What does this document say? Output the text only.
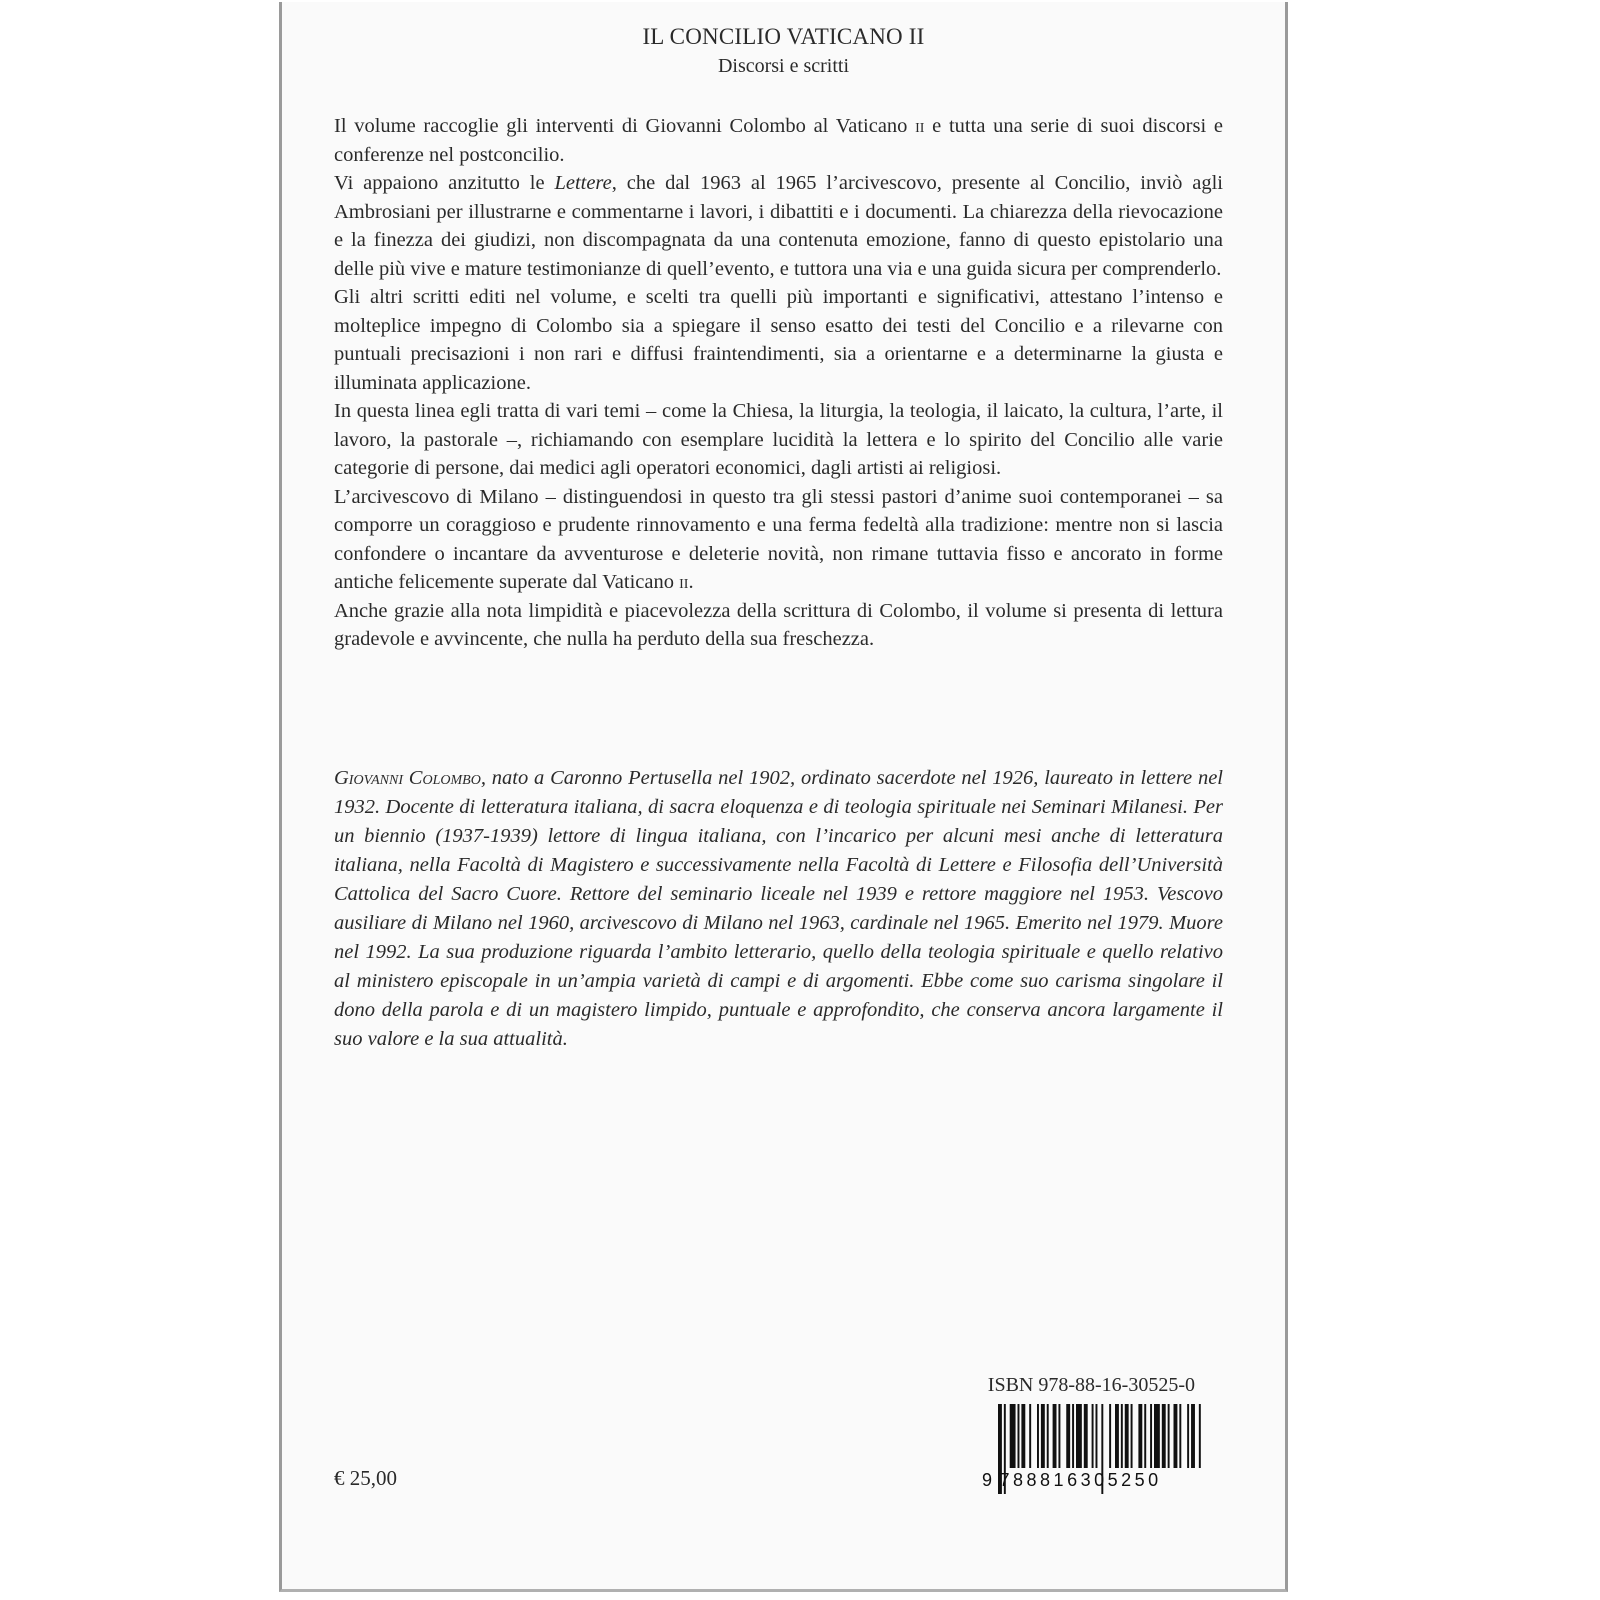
IL CONCILIO VATICANO II
Discorsi e scritti

Il volume raccoglie gli interventi di Giovanni Colombo al Vaticano ii e tutta una serie di suoi discorsi e conferenze nel postconcilio.

Vi appaiono anzitutto le Lettere, che dal 1963 al 1965 l’arcivescovo, presente al Concilio, inviò agli Ambrosiani per illustrarne e commentarne i lavori, i dibattiti e i documenti. La chiarezza della rievocazione e la finezza dei giudizi, non discompagnata da una contenuta emozione, fanno di questo epistolario una delle più vive e mature testimonianze di quell’evento, e tuttora una via e una guida sicura per comprenderlo.

Gli altri scritti editi nel volume, e scelti tra quelli più importanti e significativi, attestano l’intenso e molteplice impegno di Colombo sia a spiegare il senso esatto dei testi del Concilio e a rilevarne con puntuali precisazioni i non rari e diffusi fraintendimenti, sia a orientarne e a determinarne la giusta e illuminata applicazione.

In questa linea egli tratta di vari temi – come la Chiesa, la liturgia, la teologia, il laicato, la cultura, l’arte, il lavoro, la pastorale –, richiamando con esemplare lucidità la lettera e lo spirito del Concilio alle varie categorie di persone, dai medici agli operatori economici, dagli artisti ai religiosi.

L’arcivescovo di Milano – distinguendosi in questo tra gli stessi pastori d’anime suoi contemporanei – sa comporre un coraggioso e prudente rinnovamento e una ferma fedeltà alla tradizione: mentre non si lascia confondere o incantare da avventurose e deleterie novità, non rimane tuttavia fisso e ancorato in forme antiche felicemente superate dal Vaticano ii.

Anche grazie alla nota limpidità e piacevolezza della scrittura di Colombo, il volume si presenta di lettura gradevole e avvincente, che nulla ha perduto della sua freschezza.

Giovanni Colombo, nato a Caronno Pertusella nel 1902, ordinato sacerdote nel 1926, laureato in lettere nel 1932. Docente di letteratura italiana, di sacra eloquenza e di teologia spirituale nei Seminari Milanesi. Per un biennio (1937-1939) lettore di lingua italiana, con l’incarico per alcuni mesi anche di letteratura italiana, nella Facoltà di Magistero e successivamente nella Facoltà di Lettere e Filosofia dell’Università Cattolica del Sacro Cuore. Rettore del seminario liceale nel 1939 e rettore maggiore nel 1953. Vescovo ausiliare di Milano nel 1960, arcivescovo di Milano nel 1963, cardinale nel 1965. Emerito nel 1979. Muore nel 1992. La sua produzione riguarda l’ambito letterario, quello della teologia spirituale e quello relativo al ministero episcopale in un’ampia varietà di campi e di argomenti. Ebbe come suo carisma singolare il dono della parola e di un magistero limpido, puntuale e approfondito, che conserva ancora largamente il suo valore e la sua attualità.

€ 25,00
ISBN 978-88-16-30525-0
9 788816305250
